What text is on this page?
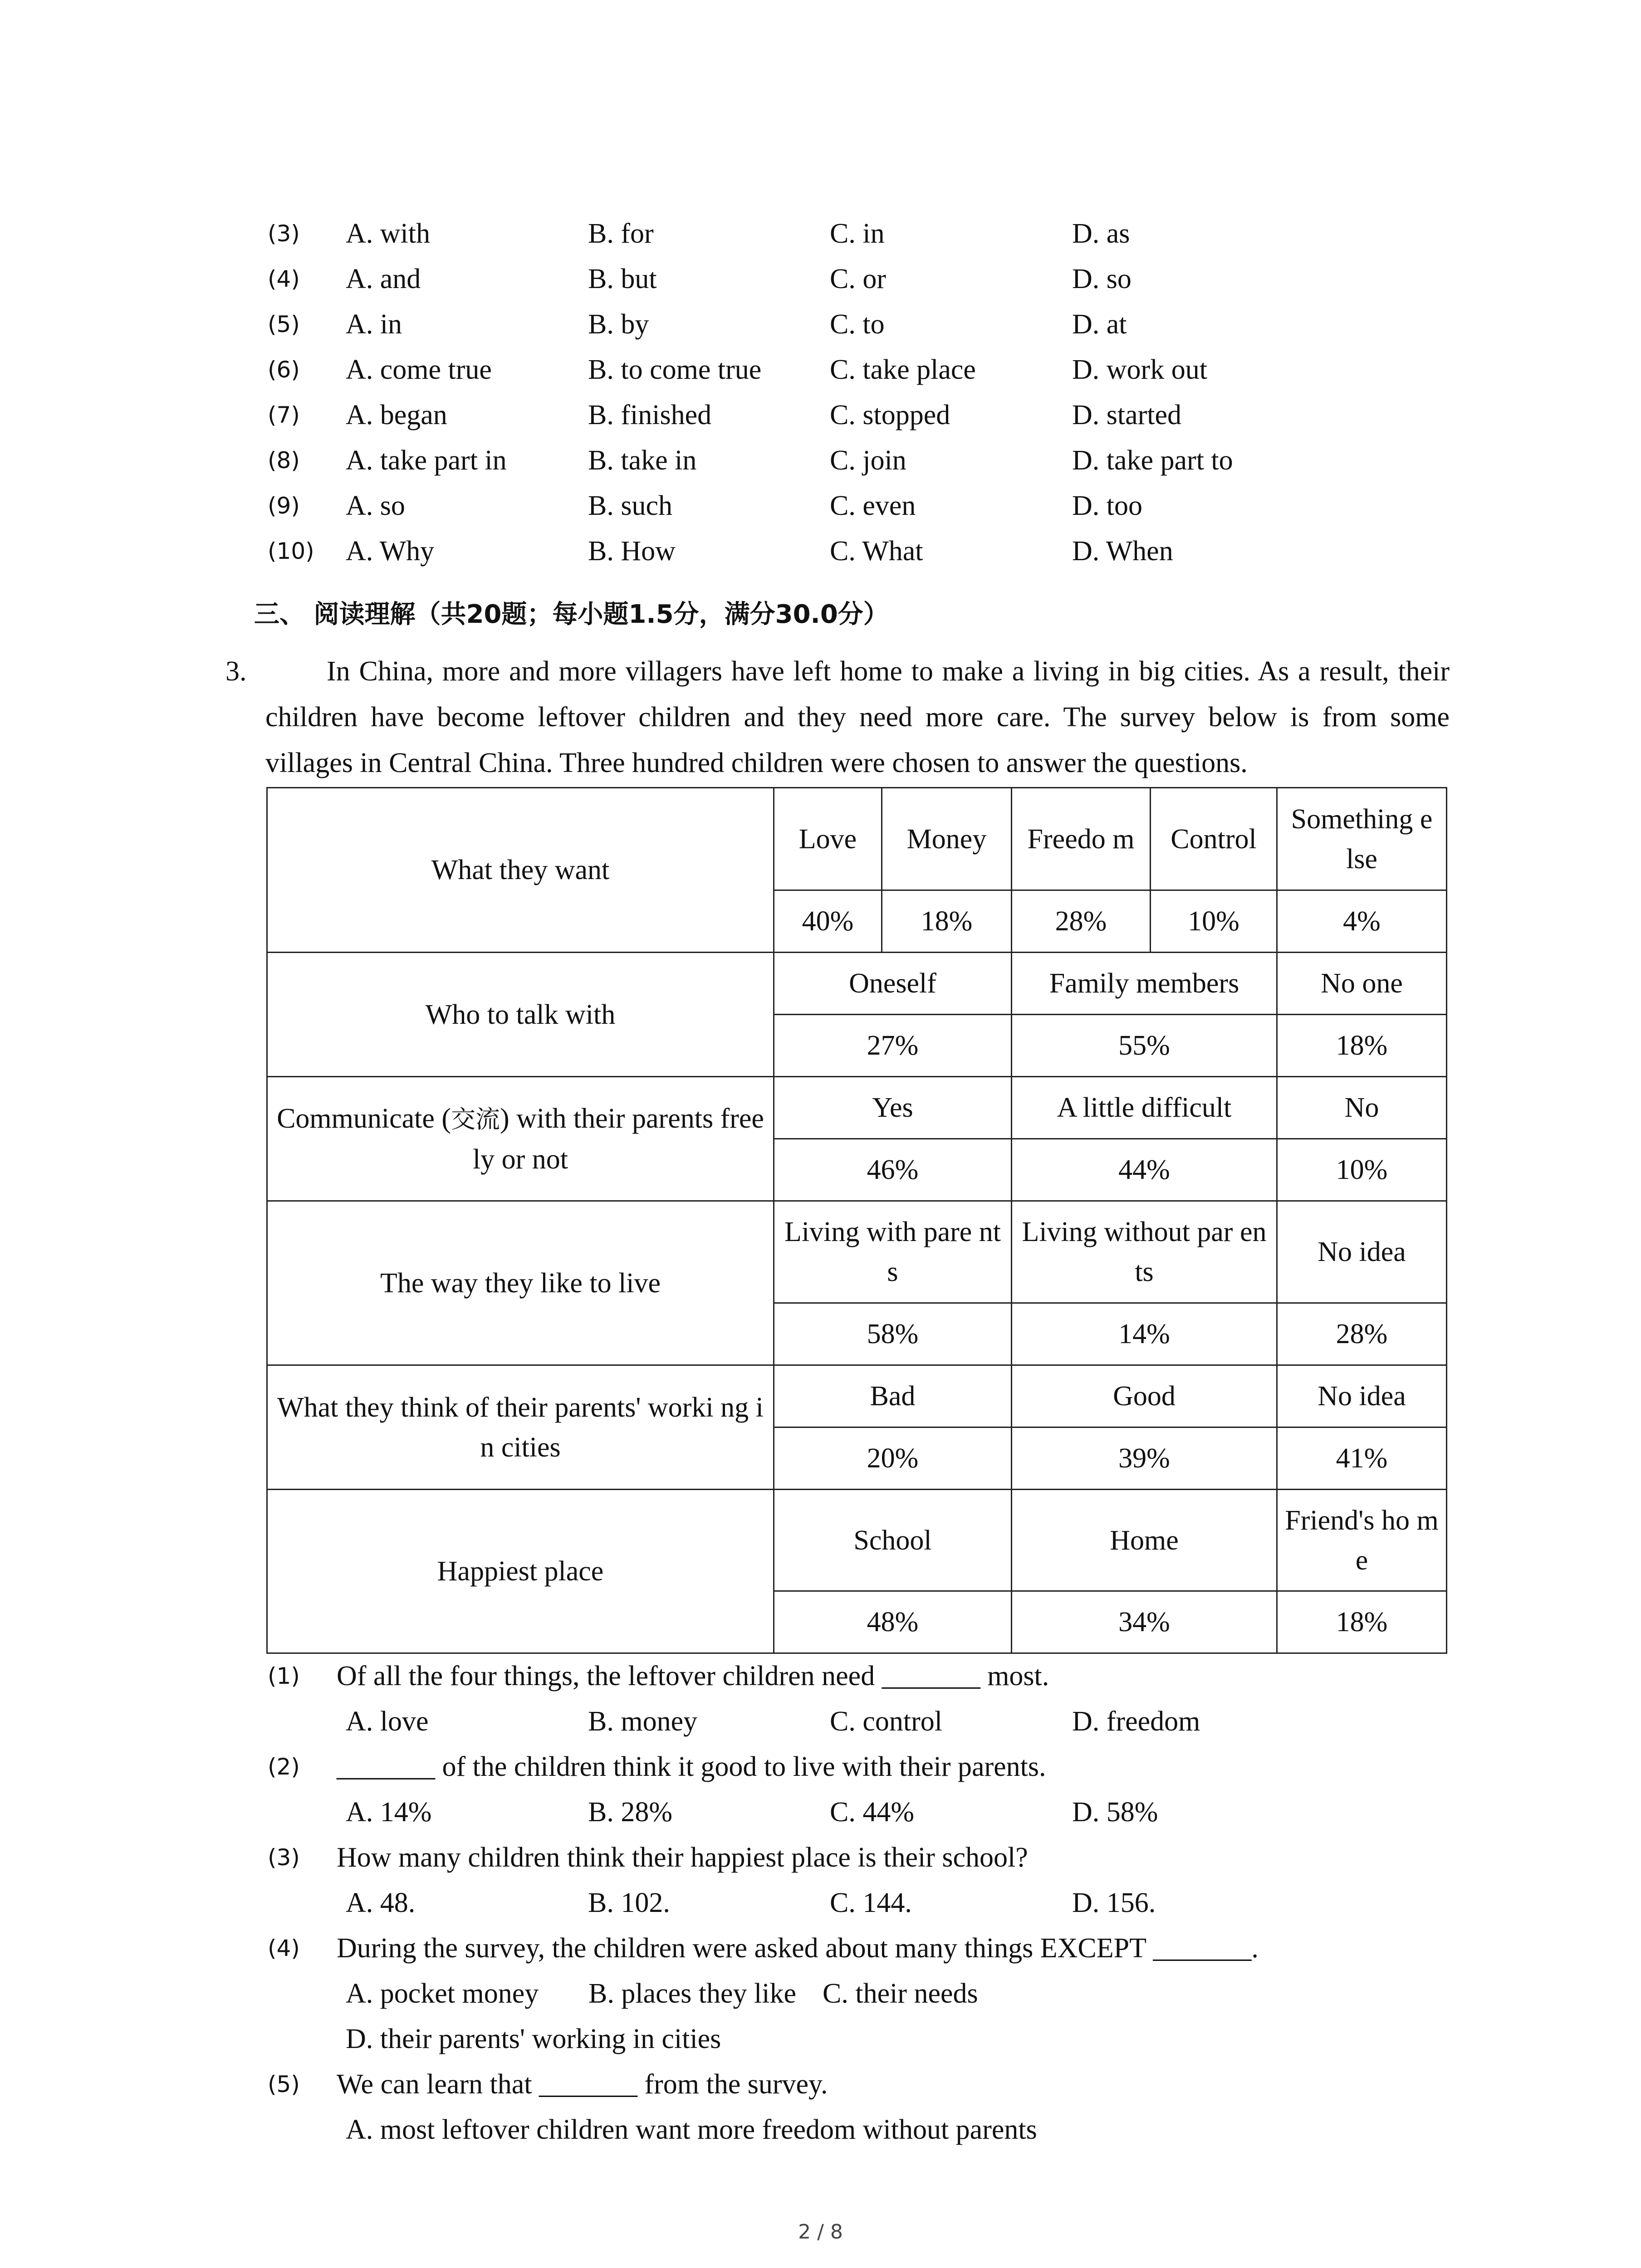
(3) A. with	B. for	C. in	D. as
(4) A. and	B. but	C. or	D. so
(5) A. in	B. by	C. to	D. at
(6) A. come true	B. to come true C. take place	D. work out
(7) A. began	B. finished	C. stopped	D. started
(8) A. take part in	B. take in	C. join	D. take part to
(9) A. so	B. such	C. even	D. too
(10) A. Why	B. How	C. What	D. When
三、 阅读理解（共20题；每小题1.5分，满分30.0分）
3.	In China, more and more villagers have left home to make a living in big cities. As a result, their children have become leftover children and they need more care. The survey below is from some villages in Central China. Three hundred children were chosen to answer the questions.
What they want	Love	Money	Freedo m	Control	Something e lse
	40%	18%	28%	10%	4%
Who to talk with	Oneself		Family members		No one
	27%		55%		18%
Communicate (交流) with their parents freely or not	Yes		A little difficult		No
	46%		44%		10%
The way they like to live	Living with pare nts		Living without par ents		No idea
	58%		14%		28%
What they think of their parents' worki ng in cities	Bad		Good		No idea
	20%		39%		41%
Happiest place	School		Home		Friend's ho me
	48%		34%		18%
(1) Of all the four things, the leftover children need _______ most.
A. love	B. money	C. control	D. freedom
(2) _______ of the children think it good to live with their parents.
A. 14%	B. 28%	C. 44%	D. 58%
(3) How many children think their happiest place is their school?
A. 48.	B. 102.	C. 144.	D. 156.
(4) During the survey, the children were asked about many things EXCEPT _______.
A. pocket money B. places they like C. their needs
D. their parents' working in cities
(5) We can learn that _______ from the survey.
A. most leftover children want more freedom without parents
2 / 8
